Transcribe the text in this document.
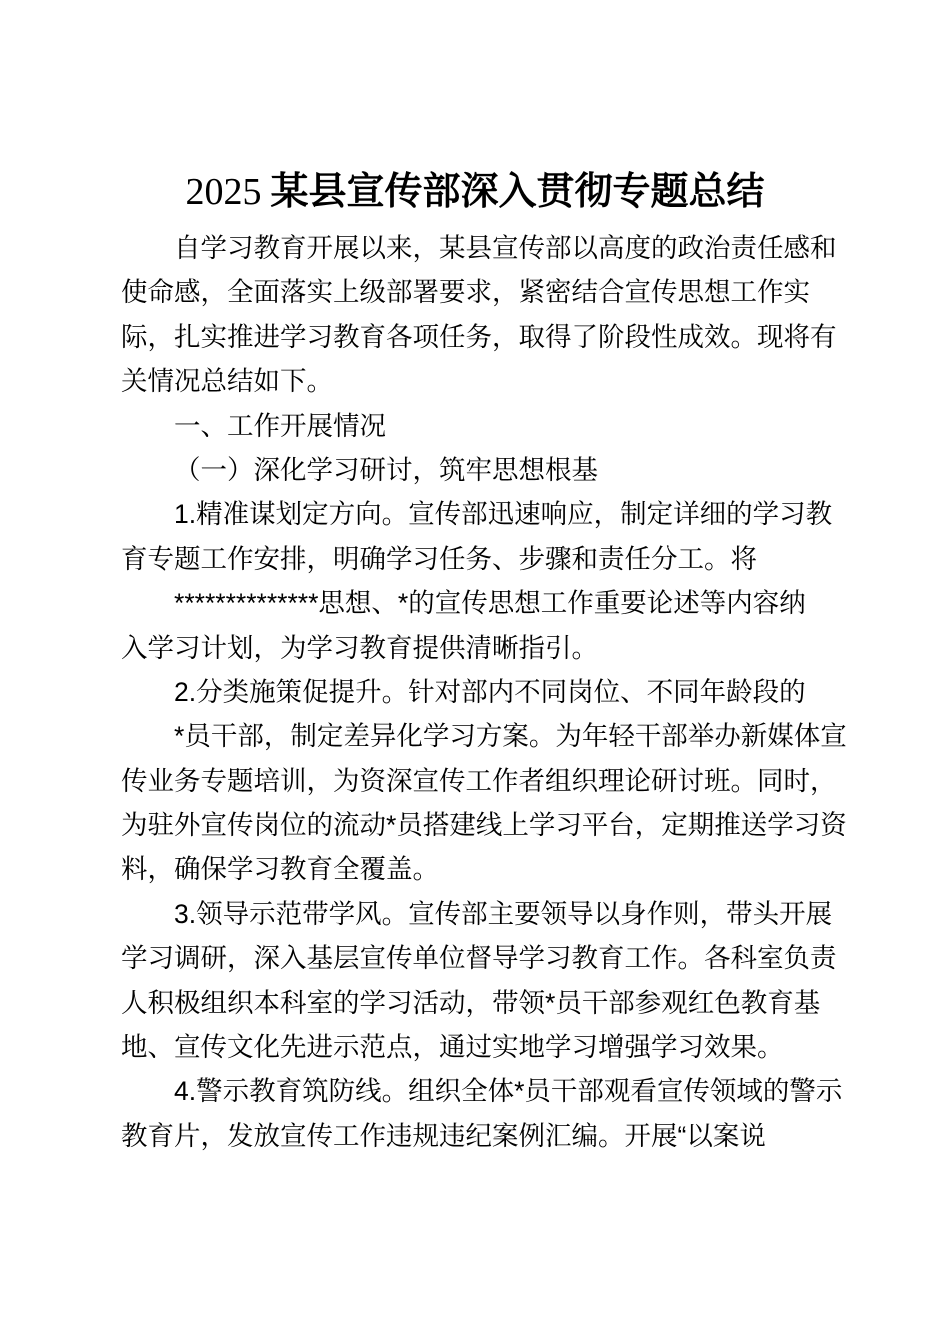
2025 某县宣传部深入贯彻专题总结
自学习教育开展以来，某县宣传部以高度的政治责任感和
使命感，全面落实上级部署要求，紧密结合宣传思想工作实
际，扎实推进学习教育各项任务，取得了阶段性成效。现将有
关情况总结如下。
一、工作开展情况
（一）深化学习研讨，筑牢思想根基
1.精准谋划定方向。宣传部迅速响应，制定详细的学习教
育专题工作安排，明确学习任务、步骤和责任分工。将
**************思想、*的宣传思想工作重要论述等内容纳
入学习计划，为学习教育提供清晰指引。
2.分类施策促提升。针对部内不同岗位、不同年龄段的
*员干部，制定差异化学习方案。为年轻干部举办新媒体宣
传业务专题培训，为资深宣传工作者组织理论研讨班。同时，
为驻外宣传岗位的流动*员搭建线上学习平台，定期推送学习资
料，确保学习教育全覆盖。
3.领导示范带学风。宣传部主要领导以身作则，带头开展
学习调研，深入基层宣传单位督导学习教育工作。各科室负责
人积极组织本科室的学习活动，带领*员干部参观红色教育基
地、宣传文化先进示范点，通过实地学习增强学习效果。
4.警示教育筑防线。组织全体*员干部观看宣传领域的警示
教育片，发放宣传工作违规违纪案例汇编。开展“以案说
